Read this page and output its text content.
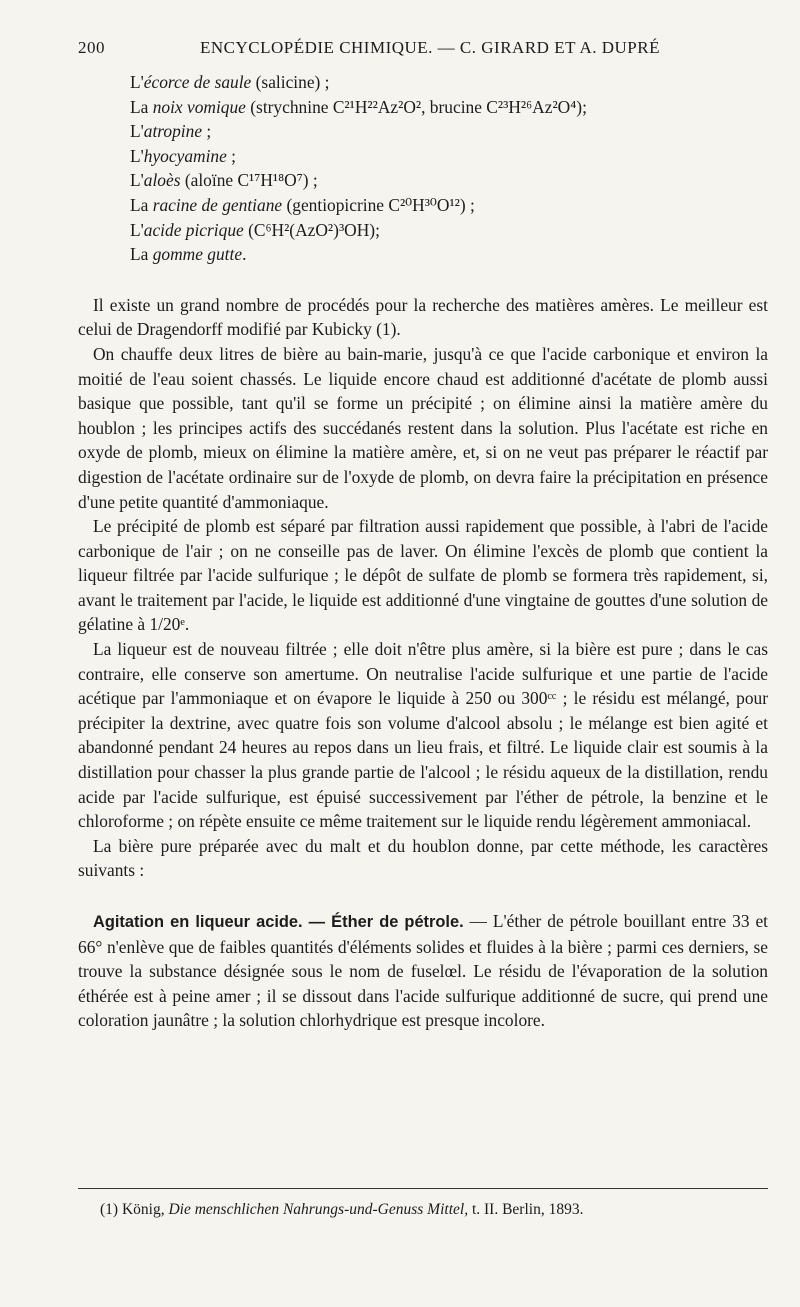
200	ENCYCLOPÉDIE CHIMIQUE. — C. GIRARD ET A. DUPRÉ
L'écorce de saule (salicine) ;
La noix vomique (strychnine C²¹H²²Az²O², brucine C²³H²⁶Az²O⁴);
L'atropine ;
L'hyocyamine ;
L'aloès (aloïne C¹⁷H¹⁸O⁷) ;
La racine de gentiane (gentiopicrine C²⁰H³⁰O¹²) ;
L'acide picrique (C⁶H²(AzO²)³OH);
La gomme gutte.

Il existe un grand nombre de procédés pour la recherche des matières amères. Le meilleur est celui de Dragendorff modifié par Kubicky (1).

On chauffe deux litres de bière au bain-marie, jusqu'à ce que l'acide carbonique et environ la moitié de l'eau soient chassés. Le liquide encore chaud est additionné d'acétate de plomb aussi basique que possible, tant qu'il se forme un précipité ; on élimine ainsi la matière amère du houblon ; les principes actifs des succédanés restent dans la solution. Plus l'acétate est riche en oxyde de plomb, mieux on élimine la matière amère, et, si on ne veut pas préparer le réactif par digestion de l'acétate ordinaire sur de l'oxyde de plomb, on devra faire la précipitation en présence d'une petite quantité d'ammoniaque.

Le précipité de plomb est séparé par filtration aussi rapidement que possible, à l'abri de l'acide carbonique de l'air ; on ne conseille pas de laver. On élimine l'excès de plomb que contient la liqueur filtrée par l'acide sulfurique ; le dépôt de sulfate de plomb se formera très rapidement, si, avant le traitement par l'acide, le liquide est additionné d'une vingtaine de gouttes d'une solution de gélatine à 1/20ᵉ.

La liqueur est de nouveau filtrée ; elle doit n'être plus amère, si la bière est pure ; dans le cas contraire, elle conserve son amertume. On neutralise l'acide sulfurique et une partie de l'acide acétique par l'ammoniaque et on évapore le liquide à 250 ou 300ᶜᶜ ; le résidu est mélangé, pour précipiter la dextrine, avec quatre fois son volume d'alcool absolu ; le mélange est bien agité et abandonné pendant 24 heures au repos dans un lieu frais, et filtré. Le liquide clair est soumis à la distillation pour chasser la plus grande partie de l'alcool ; le résidu aqueux de la distillation, rendu acide par l'acide sulfurique, est épuisé successivement par l'éther de pétrole, la benzine et le chloroforme ; on répète ensuite ce même traitement sur le liquide rendu légèrement ammoniacal.

La bière pure préparée avec du malt et du houblon donne, par cette méthode, les caractères suivants :

Agitation en liqueur acide. — Éther de pétrole. — L'éther de pétrole bouillant entre 33 et 66° n'enlève que de faibles quantités d'éléments solides et fluides à la bière ; parmi ces derniers, se trouve la substance désignée sous le nom de fuselœl. Le résidu de l'évaporation de la solution éthérée est à peine amer ; il se dissout dans l'acide sulfurique additionné de sucre, qui prend une coloration jaunâtre ; la solution chlorhydrique est presque incolore.

(1) König, Die menschlichen Nahrungs-und-Genuss Mittel, t. II. Berlin, 1893.
